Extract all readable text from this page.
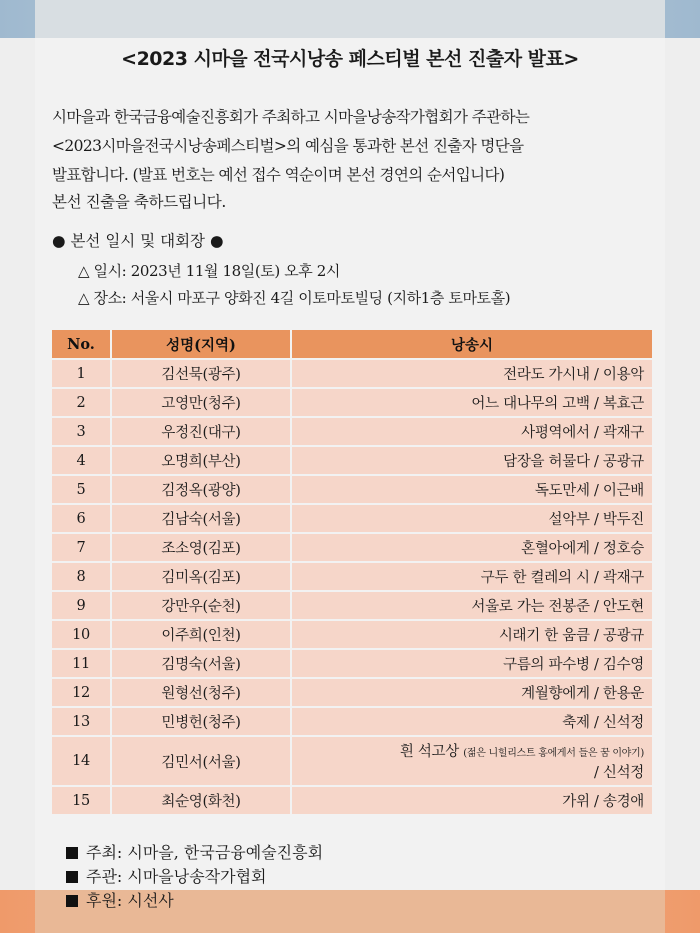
<2023 시마을 전국시낭송 페스티벌 본선 진출자 발표>

시마을과 한국금융예술진흥회가 주최하고 시마을낭송작가협회가 주관하는

<2023시마을전국시낭송페스티벌>의 예심을 통과한 본선 진출자 명단을

발표합니다. (발표 번호는 예선 접수 역순이며 본선 경연의 순서입니다)

본선 진출을 축하드립니다.
● 본선 일시 및 대회장 ●
△ 일시: 2023년 11월 18일(토) 오후 2시
△ 장소: 서울시 마포구 양화진 4길 이토마토빌딩 (지하1층 토마토홀)
No.	성명(지역)	낭송시
1	김선묵(광주)	전라도 가시내 / 이용악
2	고영만(청주)	어느 대나무의 고백 / 복효근
3	우정진(대구)	사평역에서 / 곽재구
4	오명희(부산)	담장을 허물다 / 공광규
5	김정옥(광양)	독도만세 / 이근배
6	김남숙(서울)	설악부 / 박두진
7	조소영(김포)	혼혈아에게 / 정호승
8	김미옥(김포)	구두 한 켤레의 시 / 곽재구
9	강만우(순천)	서울로 가는 전봉준 / 안도현
10	이주희(인천)	시래기 한 움큼 / 공광규
11	김명숙(서울)	구름의 파수병 / 김수영
12	원형선(청주)	계월향에게 / 한용운
13	민병헌(청주)	축제 / 신석정
14	김민서(서울)	흰 석고상 (젊은 니힐리스트 홍에게서 들은 꿈 이야기)
/ 신석정

15	최순영(화천)	가위 / 송경애
주최: 시마을, 한국금융예술진흥회
주관: 시마을낭송작가협회
후원: 시선사
